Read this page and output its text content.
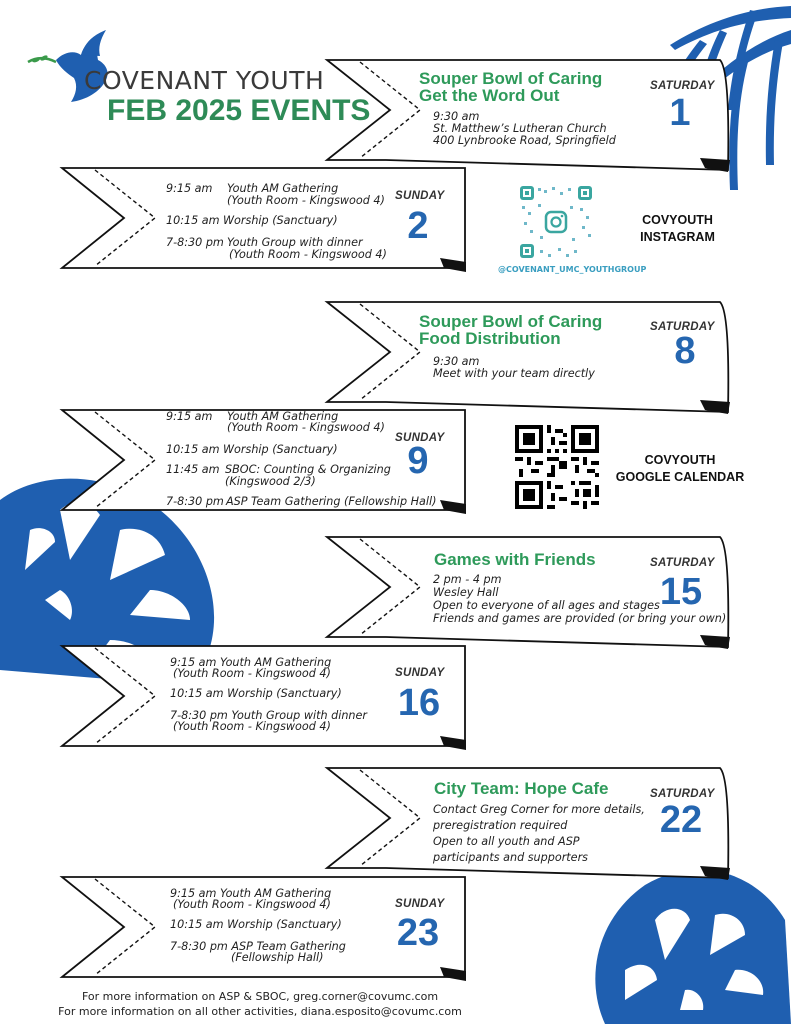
COVENANT YOUTH
FEB 2025 EVENTS
Souper Bowl of Caring
Get the Word Out
9:30 am
St. Matthew’s Lutheran Church
400 Lynbrooke Road, Springfield
SATURDAY
1
9:15 am Youth AM Gathering
(Youth Room - Kingswood 4)
10:15 am Worship (Sanctuary)
7-8:30 pm Youth Group with dinner
(Youth Room - Kingswood 4)
SUNDAY
2
@COVENANT_UMC_YOUTHGROUP
COVYOUTH
INSTAGRAM
Souper Bowl of Caring
Food Distribution
9:30 am
Meet with your team directly
SATURDAY
8
9:15 am Youth AM Gathering
(Youth Room - Kingswood 4)
10:15 am Worship (Sanctuary)
11:45 am SBOC: Counting & Organizing
(Kingswood 2/3)
7-8:30 pm ASP Team Gathering (Fellowship Hall)
SUNDAY
9	COVYOUTH
GOOGLE CALENDAR
Games with Friends
2 pm - 4 pm
Wesley Hall
Open to everyone of all ages and stages
Friends and games are provided (or bring your own)
SATURDAY
15
9:15 am Youth AM Gathering
(Youth Room - Kingswood 4)
10:15 am Worship (Sanctuary)
7-8:30 pm Youth Group with dinner
(Youth Room - Kingswood 4)
SUNDAY
16
City Team: Hope Cafe
Contact Greg Corner for more details,
preregistration required
Open to all youth and ASP
participants and supporters
SATURDAY
22
9:15 am Youth AM Gathering
(Youth Room - Kingswood 4)
10:15 am Worship (Sanctuary)
7-8:30 pm ASP Team Gathering
(Fellowship Hall)
SUNDAY
23
For more information on ASP & SBOC, greg.corner@covumc.com
For more information on all other activities, diana.esposito@covumc.com
